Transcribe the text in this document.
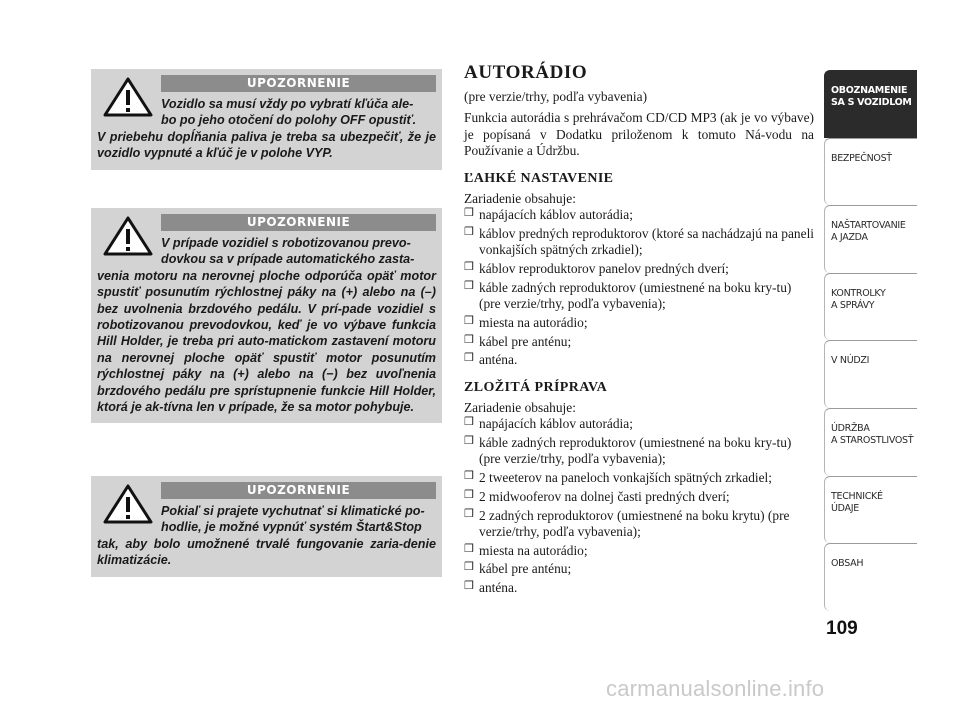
UPOZORNENIE
Vozidlo sa musí vždy po vybratí kľúča ale-
bo po jeho otočení do polohy OFF opustiť.
V priebehu dopĺňania paliva je treba sa ubezpečiť, že je vozidlo vypnuté a kľúč je v polohe VYP.
UPOZORNENIE
V prípade vozidiel s robotizovanou prevo-
dovkou sa v prípade automatického zasta-
venia motoru na nerovnej ploche odporúča opäť motor spustiť posunutím rýchlostnej páky na (+) alebo na (–) bez uvolnenia brzdového pedálu. V prí-pade vozidiel s robotizovanou prevodovkou, keď je vo výbave funkcia Hill Holder, je treba pri auto-matickom zastavení motoru na nerovnej ploche opäť spustiť motor posunutím rýchlostnej páky na (+) alebo na (−) bez uvoľnenia brzdového pedálu pre sprístupnenie funkcie Hill Holder, ktorá je ak-tívna len v prípade, že sa motor pohybuje.
UPOZORNENIE
Pokiaľ si prajete vychutnať si klimatické po-
hodlie, je možné vypnúť systém Štart&Stop
tak, aby bolo umožnené trvalé fungovanie zaria-denie klimatizácie.
AUTORÁDIO
(pre verzie/trhy, podľa vybavenia)
Funkcia autorádia s prehrávačom CD/CD MP3 (ak je vo výbave) je popísaná v Dodatku priloženom k tomuto Ná-vodu na Používanie a Údržbu.
ĽAHKÉ NASTAVENIE
Zariadenie obsahuje:
❒ napájacích káblov autorádia;
❒ káblov predných reproduktorov (ktoré sa nachádzajú na paneli vonkajších spätných zrkadiel);
❒ káblov reproduktorov panelov predných dverí;
❒ káble zadných reproduktorov (umiestnené na boku kry-tu) (pre verzie/trhy, podľa vybavenia);
❒ miesta na autorádio;
❒ kábel pre anténu;
❒ anténa.
ZLOŽITÁ PRÍPRAVA
Zariadenie obsahuje:
❒ napájacích káblov autorádia;
❒ káble zadných reproduktorov (umiestnené na boku kry-tu) (pre verzie/trhy, podľa vybavenia);
❒ 2 tweeterov na paneloch vonkajších spätných zrkadiel;
❒ 2 midwooferov na dolnej časti predných dverí;
❒ 2 zadných reproduktorov (umiestnené na boku krytu) (pre verzie/trhy, podľa vybavenia);
❒ miesta na autorádio;
❒ kábel pre anténu;
❒ anténa.
OBOZNAMENIE
SA S VOZIDLOM
BEZPEČNOSŤ
NAŠTARTOVANIE
A JAZDA
KONTROLKY
A SPRÁVY
V NÚDZI
ÚDRŽBA
A STAROSTLIVOSŤ
TECHNICKÉ
ÚDAJE
OBSAH
109
carmanualsonline.info
